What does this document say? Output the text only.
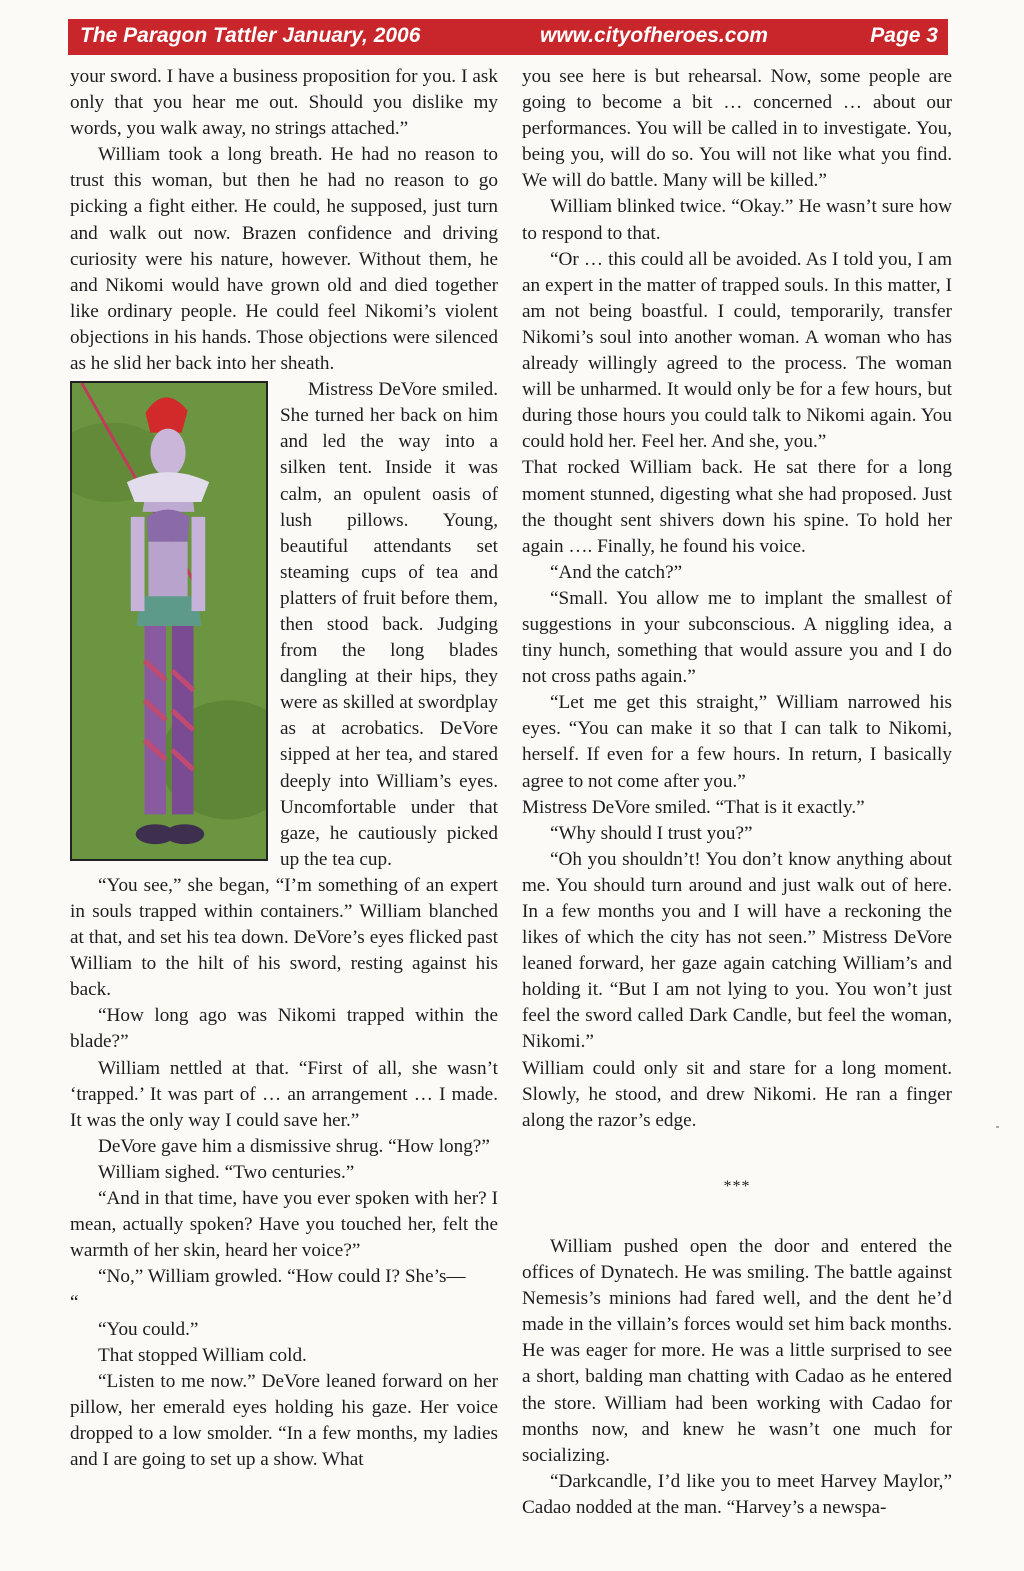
The Paragon Tattler January, 2006	www.cityofheroes.com	Page 3

your sword. I have a business proposition for you. I ask only that you hear me out. Should you dislike my words, you walk away, no strings attached.”

William took a long breath. He had no reason to trust this woman, but then he had no reason to go picking a fight either. He could, he supposed, just turn and walk out now. Brazen confidence and driving curiosity were his nature, however. Without them, he and Nikomi would have grown old and died together like ordinary people. He could feel Nikomi’s violent objections in his hands. Those objections were silenced as he slid her back into her sheath.

Mistress DeVore smiled. She turned her back on him and led the way into a silken tent. Inside it was calm, an opulent oasis of lush pillows. Young, beautiful attendants set steaming cups of tea and platters of fruit before them, then stood back. Judging from the long blades dangling at their hips, they were as skilled at swordplay as at acrobatics. DeVore sipped at her tea, and stared deeply into William’s eyes. Uncomfortable under that gaze, he cautiously picked up the tea cup.

“You see,” she began, “I’m something of an expert in souls trapped within containers.” William blanched at that, and set his tea down. DeVore’s eyes flicked past William to the hilt of his sword, resting against his back.

“How long ago was Nikomi trapped within the blade?”

William nettled at that. “First of all, she wasn’t ‘trapped.’ It was part of … an arrangement … I made. It was the only way I could save her.”

DeVore gave him a dismissive shrug. “How long?”

William sighed. “Two centuries.”

“And in that time, have you ever spoken with her? I mean, actually spoken? Have you touched her, felt the warmth of her skin, heard her voice?”

“No,” William growled. “How could I? She’s—

“

“You could.”

That stopped William cold.

“Listen to me now.” DeVore leaned forward on her pillow, her emerald eyes holding his gaze. Her voice dropped to a low smolder. “In a few months, my ladies and I are going to set up a show. What

you see here is but rehearsal. Now, some people are going to become a bit … concerned … about our performances. You will be called in to investigate. You, being you, will do so. You will not like what you find. We will do battle. Many will be killed.”

William blinked twice. “Okay.” He wasn’t sure how to respond to that.

“Or … this could all be avoided. As I told you, I am an expert in the matter of trapped souls. In this matter, I am not being boastful. I could, temporarily, transfer Nikomi’s soul into another woman. A woman who has already willingly agreed to the process. The woman will be unharmed. It would only be for a few hours, but during those hours you could talk to Nikomi again. You could hold her. Feel her. And she, you.”

That rocked William back. He sat there for a long moment stunned, digesting what she had proposed. Just the thought sent shivers down his spine. To hold her again …. Finally, he found his voice.

“And the catch?”

“Small. You allow me to implant the smallest of suggestions in your subconscious. A niggling idea, a tiny hunch, something that would assure you and I do not cross paths again.”

“Let me get this straight,” William narrowed his eyes. “You can make it so that I can talk to Nikomi, herself. If even for a few hours. In return, I basically agree to not come after you.”

Mistress DeVore smiled. “That is it exactly.”

“Why should I trust you?”

“Oh you shouldn’t! You don’t know anything about me. You should turn around and just walk out of here. In a few months you and I will have a reckoning the likes of which the city has not seen.” Mistress DeVore leaned forward, her gaze again catching William’s and holding it. “But I am not lying to you. You won’t just feel the sword called Dark Candle, but feel the woman, Nikomi.”

William could only sit and stare for a long moment. Slowly, he stood, and drew Nikomi. He ran a finger along the razor’s edge.

***

William pushed open the door and entered the offices of Dynatech. He was smiling. The battle against Nemesis’s minions had fared well, and the dent he’d made in the villain’s forces would set him back months. He was eager for more. He was a little surprised to see a short, balding man chatting with Cadao as he entered the store. William had been working with Cadao for months now, and knew he wasn’t one much for socializing.

“Darkcandle, I’d like you to meet Harvey Maylor,” Cadao nodded at the man. “Harvey’s a newspa-
